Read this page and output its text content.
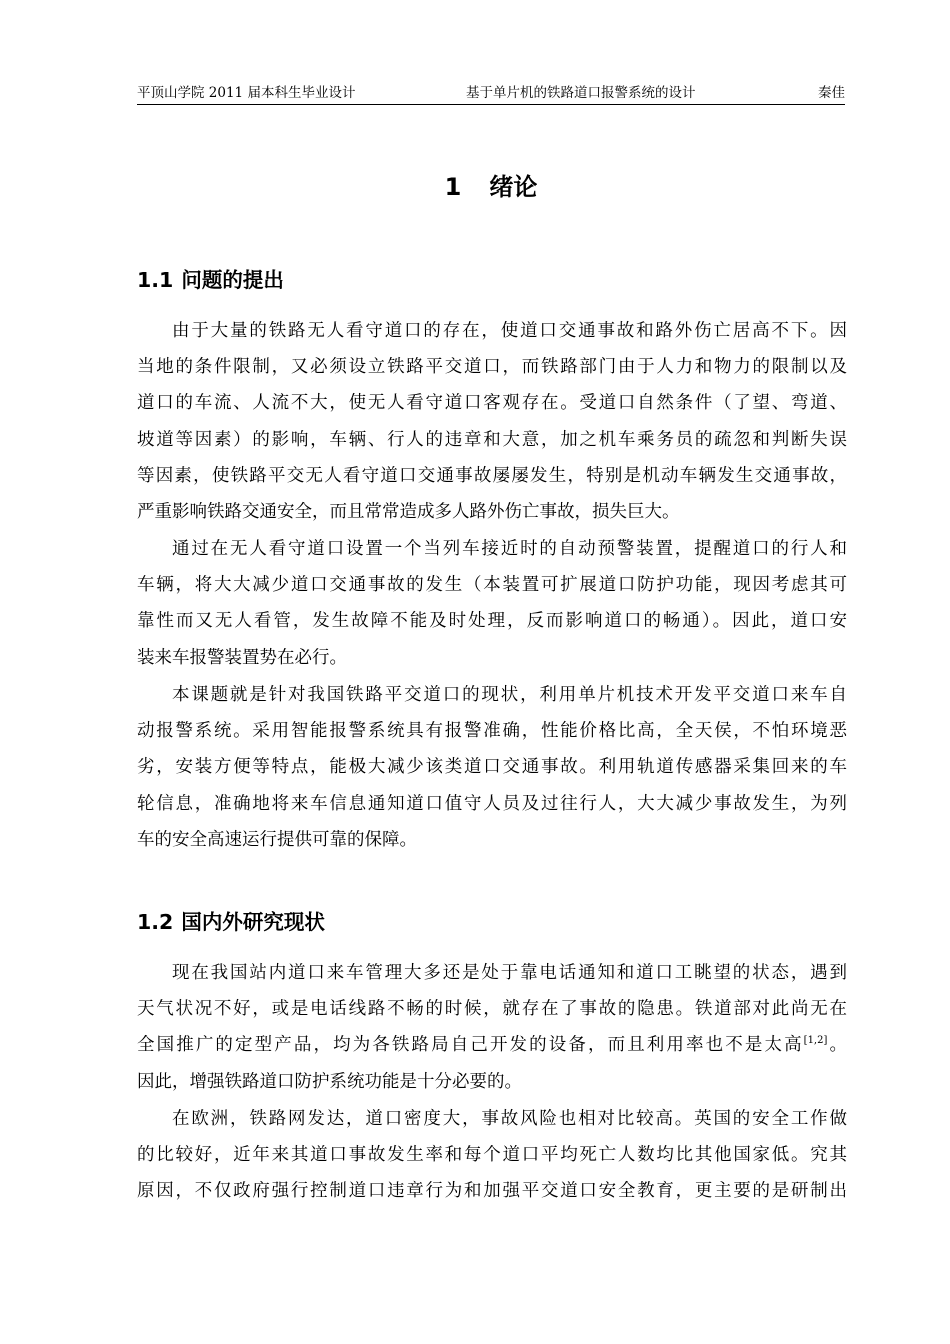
平顶山学院 2011 届本科生毕业设计	基于单片机的铁路道口报警系统的设计	秦佳
1 绪论
1.1 问题的提出
由于大量的铁路无人看守道口的存在，使道口交通事故和路外伤亡居高不下。因
当地的条件限制，又必须设立铁路平交道口，而铁路部门由于人力和物力的限制以及
道口的车流、人流不大，使无人看守道口客观存在。受道口自然条件（了望、弯道、
坡道等因素）的影响，车辆、行人的违章和大意，加之机车乘务员的疏忽和判断失误
等因素，使铁路平交无人看守道口交通事故屡屡发生，特别是机动车辆发生交通事故，
严重影响铁路交通安全，而且常常造成多人路外伤亡事故，损失巨大。
通过在无人看守道口设置一个当列车接近时的自动预警装置，提醒道口的行人和
车辆，将大大减少道口交通事故的发生（本装置可扩展道口防护功能，现因考虑其可
靠性而又无人看管，发生故障不能及时处理，反而影响道口的畅通）。因此，道口安
装来车报警装置势在必行。
本课题就是针对我国铁路平交道口的现状，利用单片机技术开发平交道口来车自
动报警系统。采用智能报警系统具有报警准确，性能价格比高，全天侯，不怕环境恶
劣，安装方便等特点，能极大减少该类道口交通事故。利用轨道传感器采集回来的车
轮信息，准确地将来车信息通知道口值守人员及过往行人，大大减少事故发生，为列
车的安全高速运行提供可靠的保障。
1.2 国内外研究现状
现在我国站内道口来车管理大多还是处于靠电话通知和道口工眺望的状态，遇到
天气状况不好，或是电话线路不畅的时候，就存在了事故的隐患。铁道部对此尚无在
全国推广的定型产品，均为各铁路局自己开发的设备，而且利用率也不是太高[1,2]。
因此，增强铁路道口防护系统功能是十分必要的。
在欧洲，铁路网发达，道口密度大，事故风险也相对比较高。英国的安全工作做
的比较好，近年来其道口事故发生率和每个道口平均死亡人数均比其他国家低。究其
原因，不仅政府强行控制道口违章行为和加强平交道口安全教育，更主要的是研制出
